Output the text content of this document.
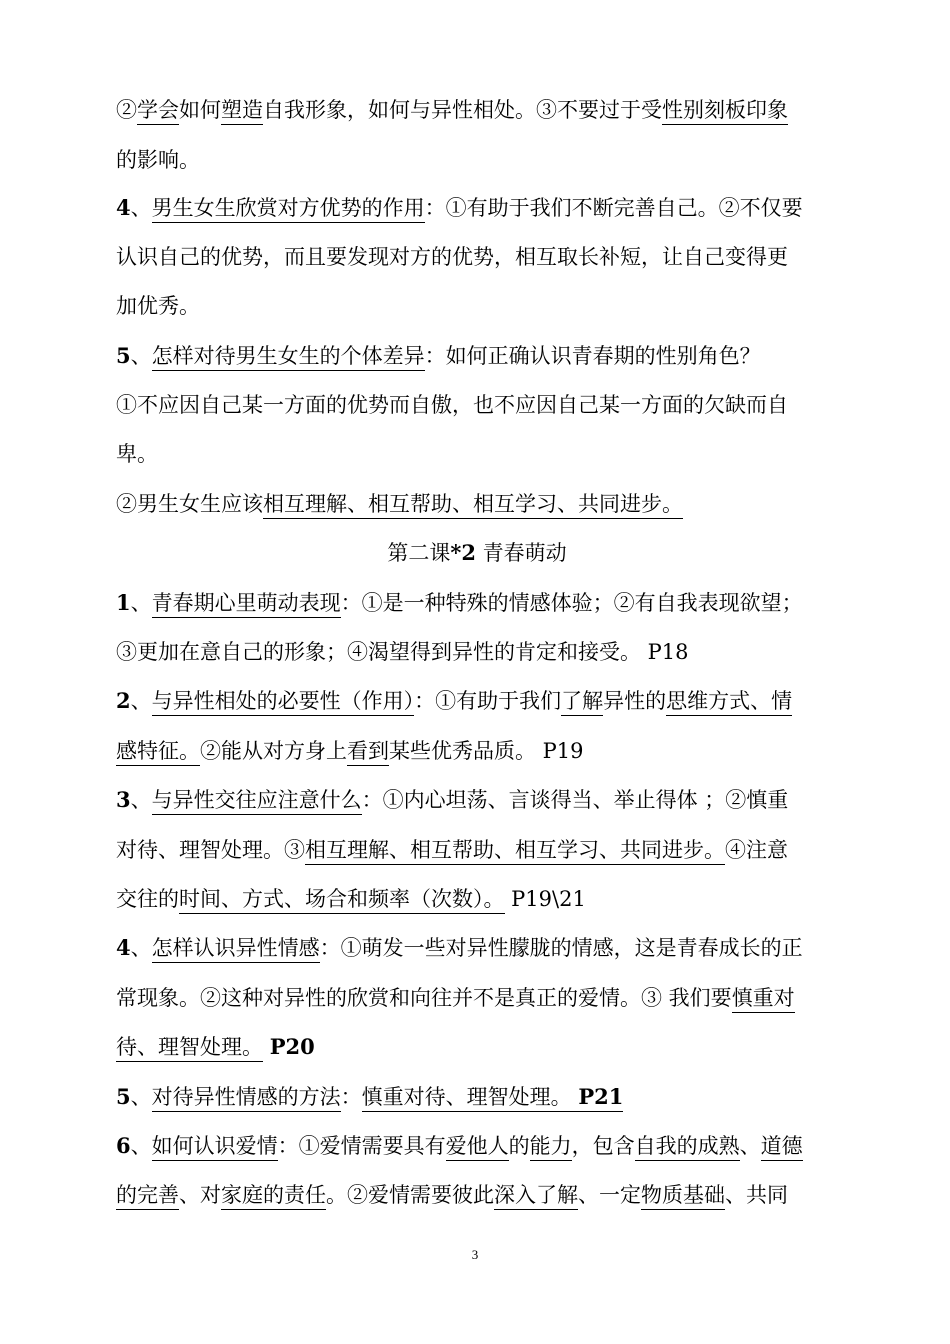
②学会如何塑造自我形象，如何与异性相处。③不要过于受性别刻板印象
的影响。
4、男生女生欣赏对方优势的作用：①有助于我们不断完善自己。②不仅要
认识自己的优势，而且要发现对方的优势，相互取长补短，让自己变得更
加优秀。
5、怎样对待男生女生的个体差异：如何正确认识青春期的性别角色？
①不应因自己某一方面的优势而自傲，也不应因自己某一方面的欠缺而自
卑。
②男生女生应该相互理解、相互帮助、相互学习、共同进步。
第二课*2 青春萌动
1、青春期心里萌动表现：①是一种特殊的情感体验；②有自我表现欲望；
③更加在意自己的形象；④渴望得到异性的肯定和接受。 P18
2、与异性相处的必要性（作用）：①有助于我们了解异性的思维方式、情
感特征。②能从对方身上看到某些优秀品质。 P19
3、与异性交往应注意什么：①内心坦荡、言谈得当、举止得体 ；②慎重
对待、理智处理。③相互理解、相互帮助、相互学习、共同进步。④注意
交往的时间、方式、场合和频率（次数）。 P19\21
4、怎样认识异性情感：①萌发一些对异性朦胧的情感，这是青春成长的正
常现象。②这种对异性的欣赏和向往并不是真正的爱情。③ 我们要慎重对
待、理智处理。 P20
5、对待异性情感的方法：慎重对待、理智处理。 P21
6、如何认识爱情：①爱情需要具有爱他人的能力，包含自我的成熟、道德
的完善、对家庭的责任。②爱情需要彼此深入了解、一定物质基础、共同
3
